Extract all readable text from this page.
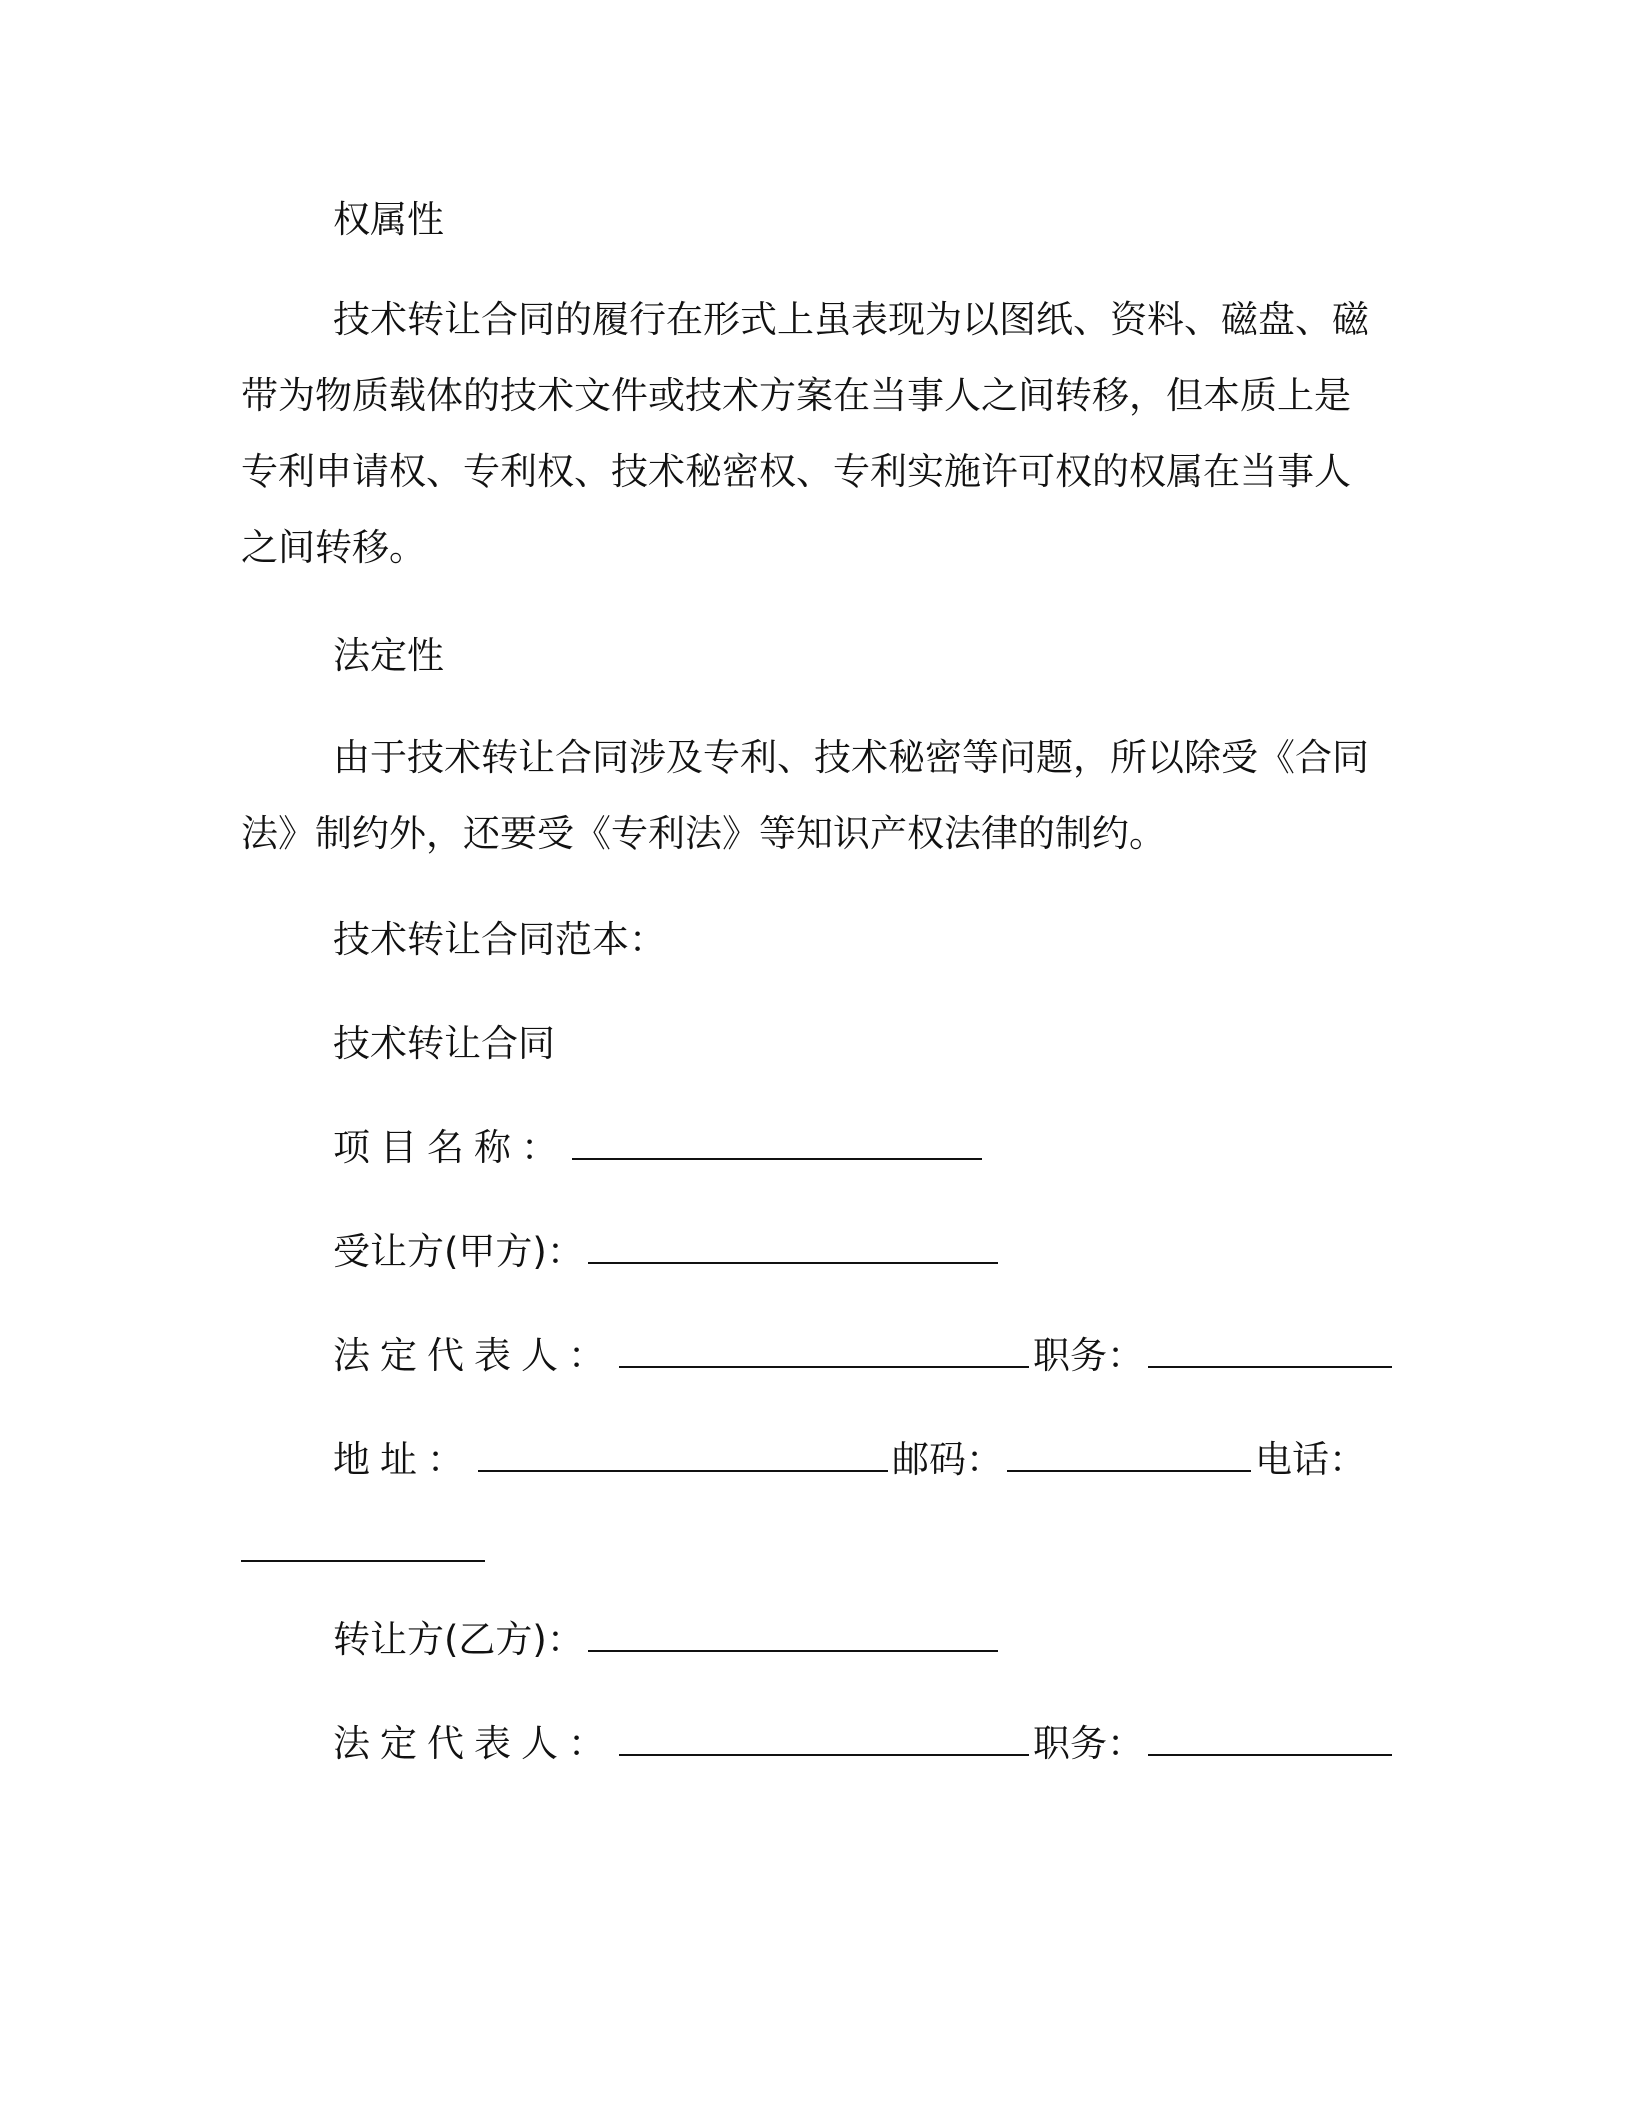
权属性
技术转让合同的履行在形式上虽表现为以图纸、资料、磁盘、磁
带为物质载体的技术文件或技术方案在当事人之间转移，但本质上是
专利申请权、专利权、技术秘密权、专利实施许可权的权属在当事人
之间转移。
法定性
由于技术转让合同涉及专利、技术秘密等问题，所以除受《合同
法》制约外，还要受《专利法》等知识产权法律的制约。
技术转让合同范本：
技术转让合同
项目名称：
受让方(甲方)：
法定代表人：	职务：
地址：	邮码：	电话：
转让方(乙方)：
法定代表人：	职务：
